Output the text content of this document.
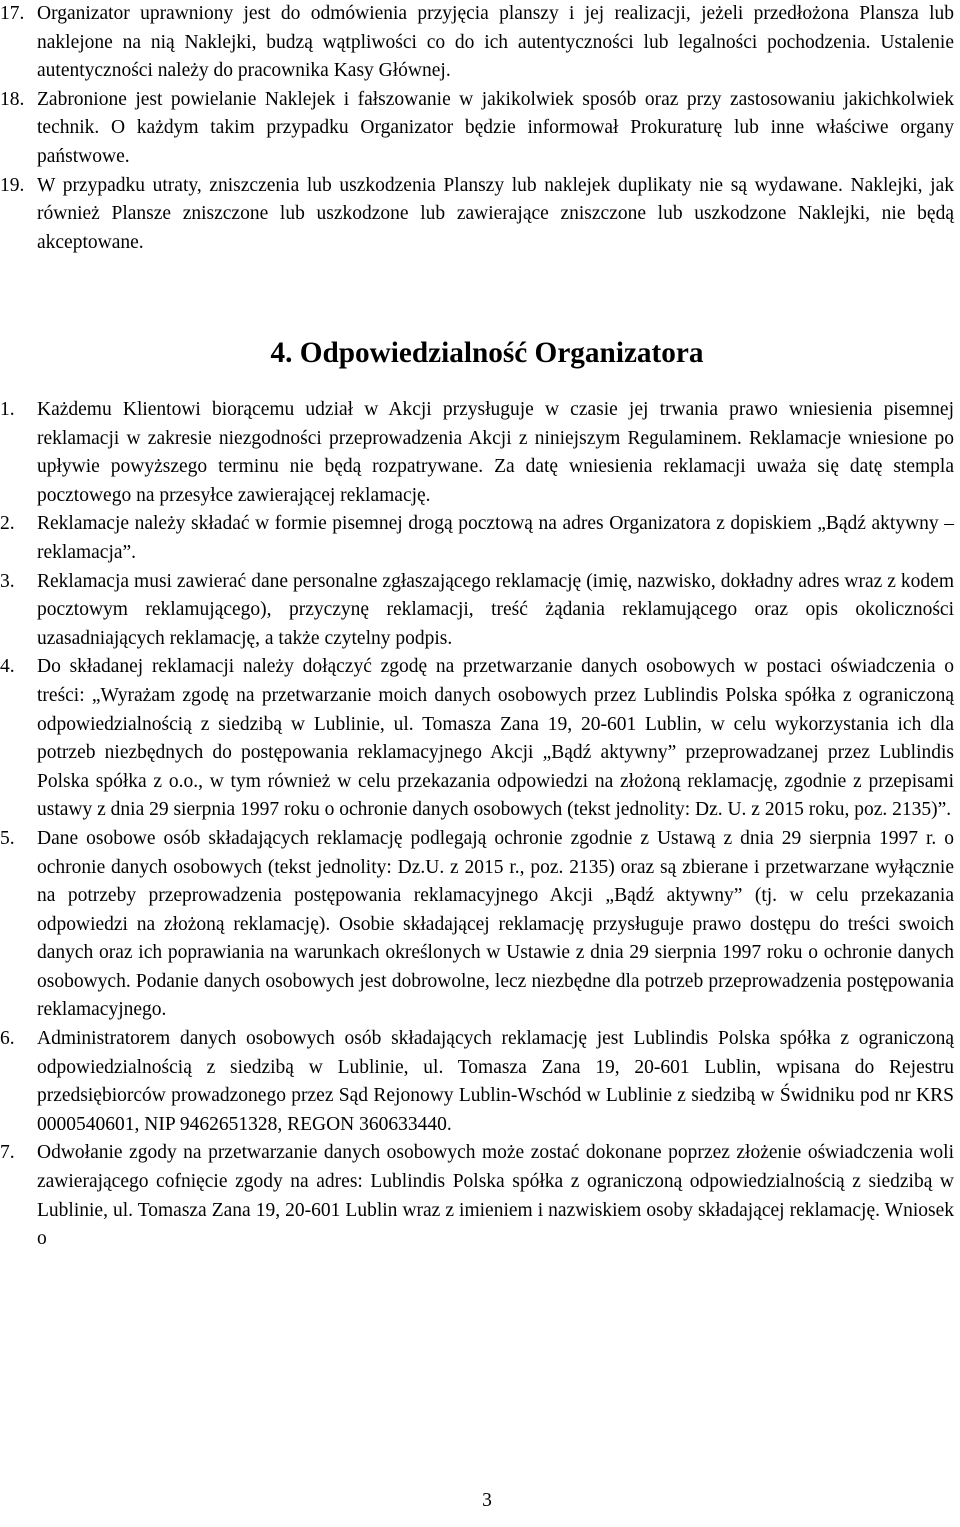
17. Organizator uprawniony jest do odmówienia przyjęcia planszy i jej realizacji, jeżeli przedłożona Plansza lub naklejone na nią Naklejki, budzą wątpliwości co do ich autentyczności lub legalności pochodzenia. Ustalenie autentyczności należy do pracownika Kasy Głównej.
18. Zabronione jest powielanie Naklejek i fałszowanie w jakikolwiek sposób oraz przy zastosowaniu jakichkolwiek technik. O każdym takim przypadku Organizator będzie informował Prokuraturę lub inne właściwe organy państwowe.
19. W przypadku utraty, zniszczenia lub uszkodzenia Planszy lub naklejek duplikaty nie są wydawane. Naklejki, jak również Plansze zniszczone lub uszkodzone lub zawierające zniszczone lub uszkodzone Naklejki, nie będą akceptowane.
4. Odpowiedzialność Organizatora
1.	Każdemu Klientowi biorącemu udział w Akcji przysługuje w czasie jej trwania prawo wniesienia pisemnej reklamacji w zakresie niezgodności przeprowadzenia Akcji z niniejszym Regulaminem. Reklamacje wniesione po upływie powyższego terminu nie będą rozpatrywane. Za datę wniesienia reklamacji uważa się datę stempla pocztowego na przesyłce zawierającej reklamację.
2.	Reklamacje należy składać w formie pisemnej drogą pocztową na adres Organizatora z dopiskiem „Bądź aktywny – reklamacja”.
3.	Reklamacja musi zawierać dane personalne zgłaszającego reklamację (imię, nazwisko, dokładny adres wraz z kodem pocztowym reklamującego), przyczynę reklamacji, treść żądania reklamującego oraz opis okoliczności uzasadniających reklamację, a także czytelny podpis.
4.	Do składanej reklamacji należy dołączyć zgodę na przetwarzanie danych osobowych w postaci oświadczenia o treści: „Wyrażam zgodę na przetwarzanie moich danych osobowych przez Lublindis Polska spółka z ograniczoną odpowiedzialnością z siedzibą w Lublinie, ul. Tomasza Zana 19, 20-601 Lublin, w celu wykorzystania ich dla potrzeb niezbędnych do postępowania reklamacyjnego Akcji „Bądź aktywny” przeprowadzanej przez Lublindis Polska spółka z o.o., w tym również w celu przekazania odpowiedzi na złożoną reklamację, zgodnie z przepisami ustawy z dnia 29 sierpnia 1997 roku o ochronie danych osobowych (tekst jednolity: Dz. U. z 2015 roku, poz. 2135)”.
5.	Dane osobowe osób składających reklamację podlegają ochronie zgodnie z Ustawą z dnia 29 sierpnia 1997 r. o ochronie danych osobowych (tekst jednolity: Dz.U. z 2015 r., poz. 2135) oraz są zbierane i przetwarzane wyłącznie na potrzeby przeprowadzenia postępowania reklamacyjnego Akcji „Bądź aktywny” (tj. w celu przekazania odpowiedzi na złożoną reklamację). Osobie składającej reklamację przysługuje prawo dostępu do treści swoich danych oraz ich poprawiania na warunkach określonych w Ustawie z dnia 29 sierpnia 1997 roku o ochronie danych osobowych. Podanie danych osobowych jest dobrowolne, lecz niezbędne dla potrzeb przeprowadzenia postępowania reklamacyjnego.
6.	Administratorem danych osobowych osób składających reklamację jest Lublindis Polska spółka z ograniczoną odpowiedzialnością z siedzibą w Lublinie, ul. Tomasza Zana 19, 20-601 Lublin, wpisana do Rejestru przedsiębiorców prowadzonego przez Sąd Rejonowy Lublin-Wschód w Lublinie z siedzibą w Świdniku pod nr KRS 0000540601, NIP 9462651328, REGON 360633440.
7.	Odwołanie zgody na przetwarzanie danych osobowych może zostać dokonane poprzez złożenie oświadczenia woli zawierającego cofnięcie zgody na adres: Lublindis Polska spółka z ograniczoną odpowiedzialnością z siedzibą w Lublinie, ul. Tomasza Zana 19, 20-601 Lublin wraz z imieniem i nazwiskiem osoby składającej reklamację. Wniosek o

3
